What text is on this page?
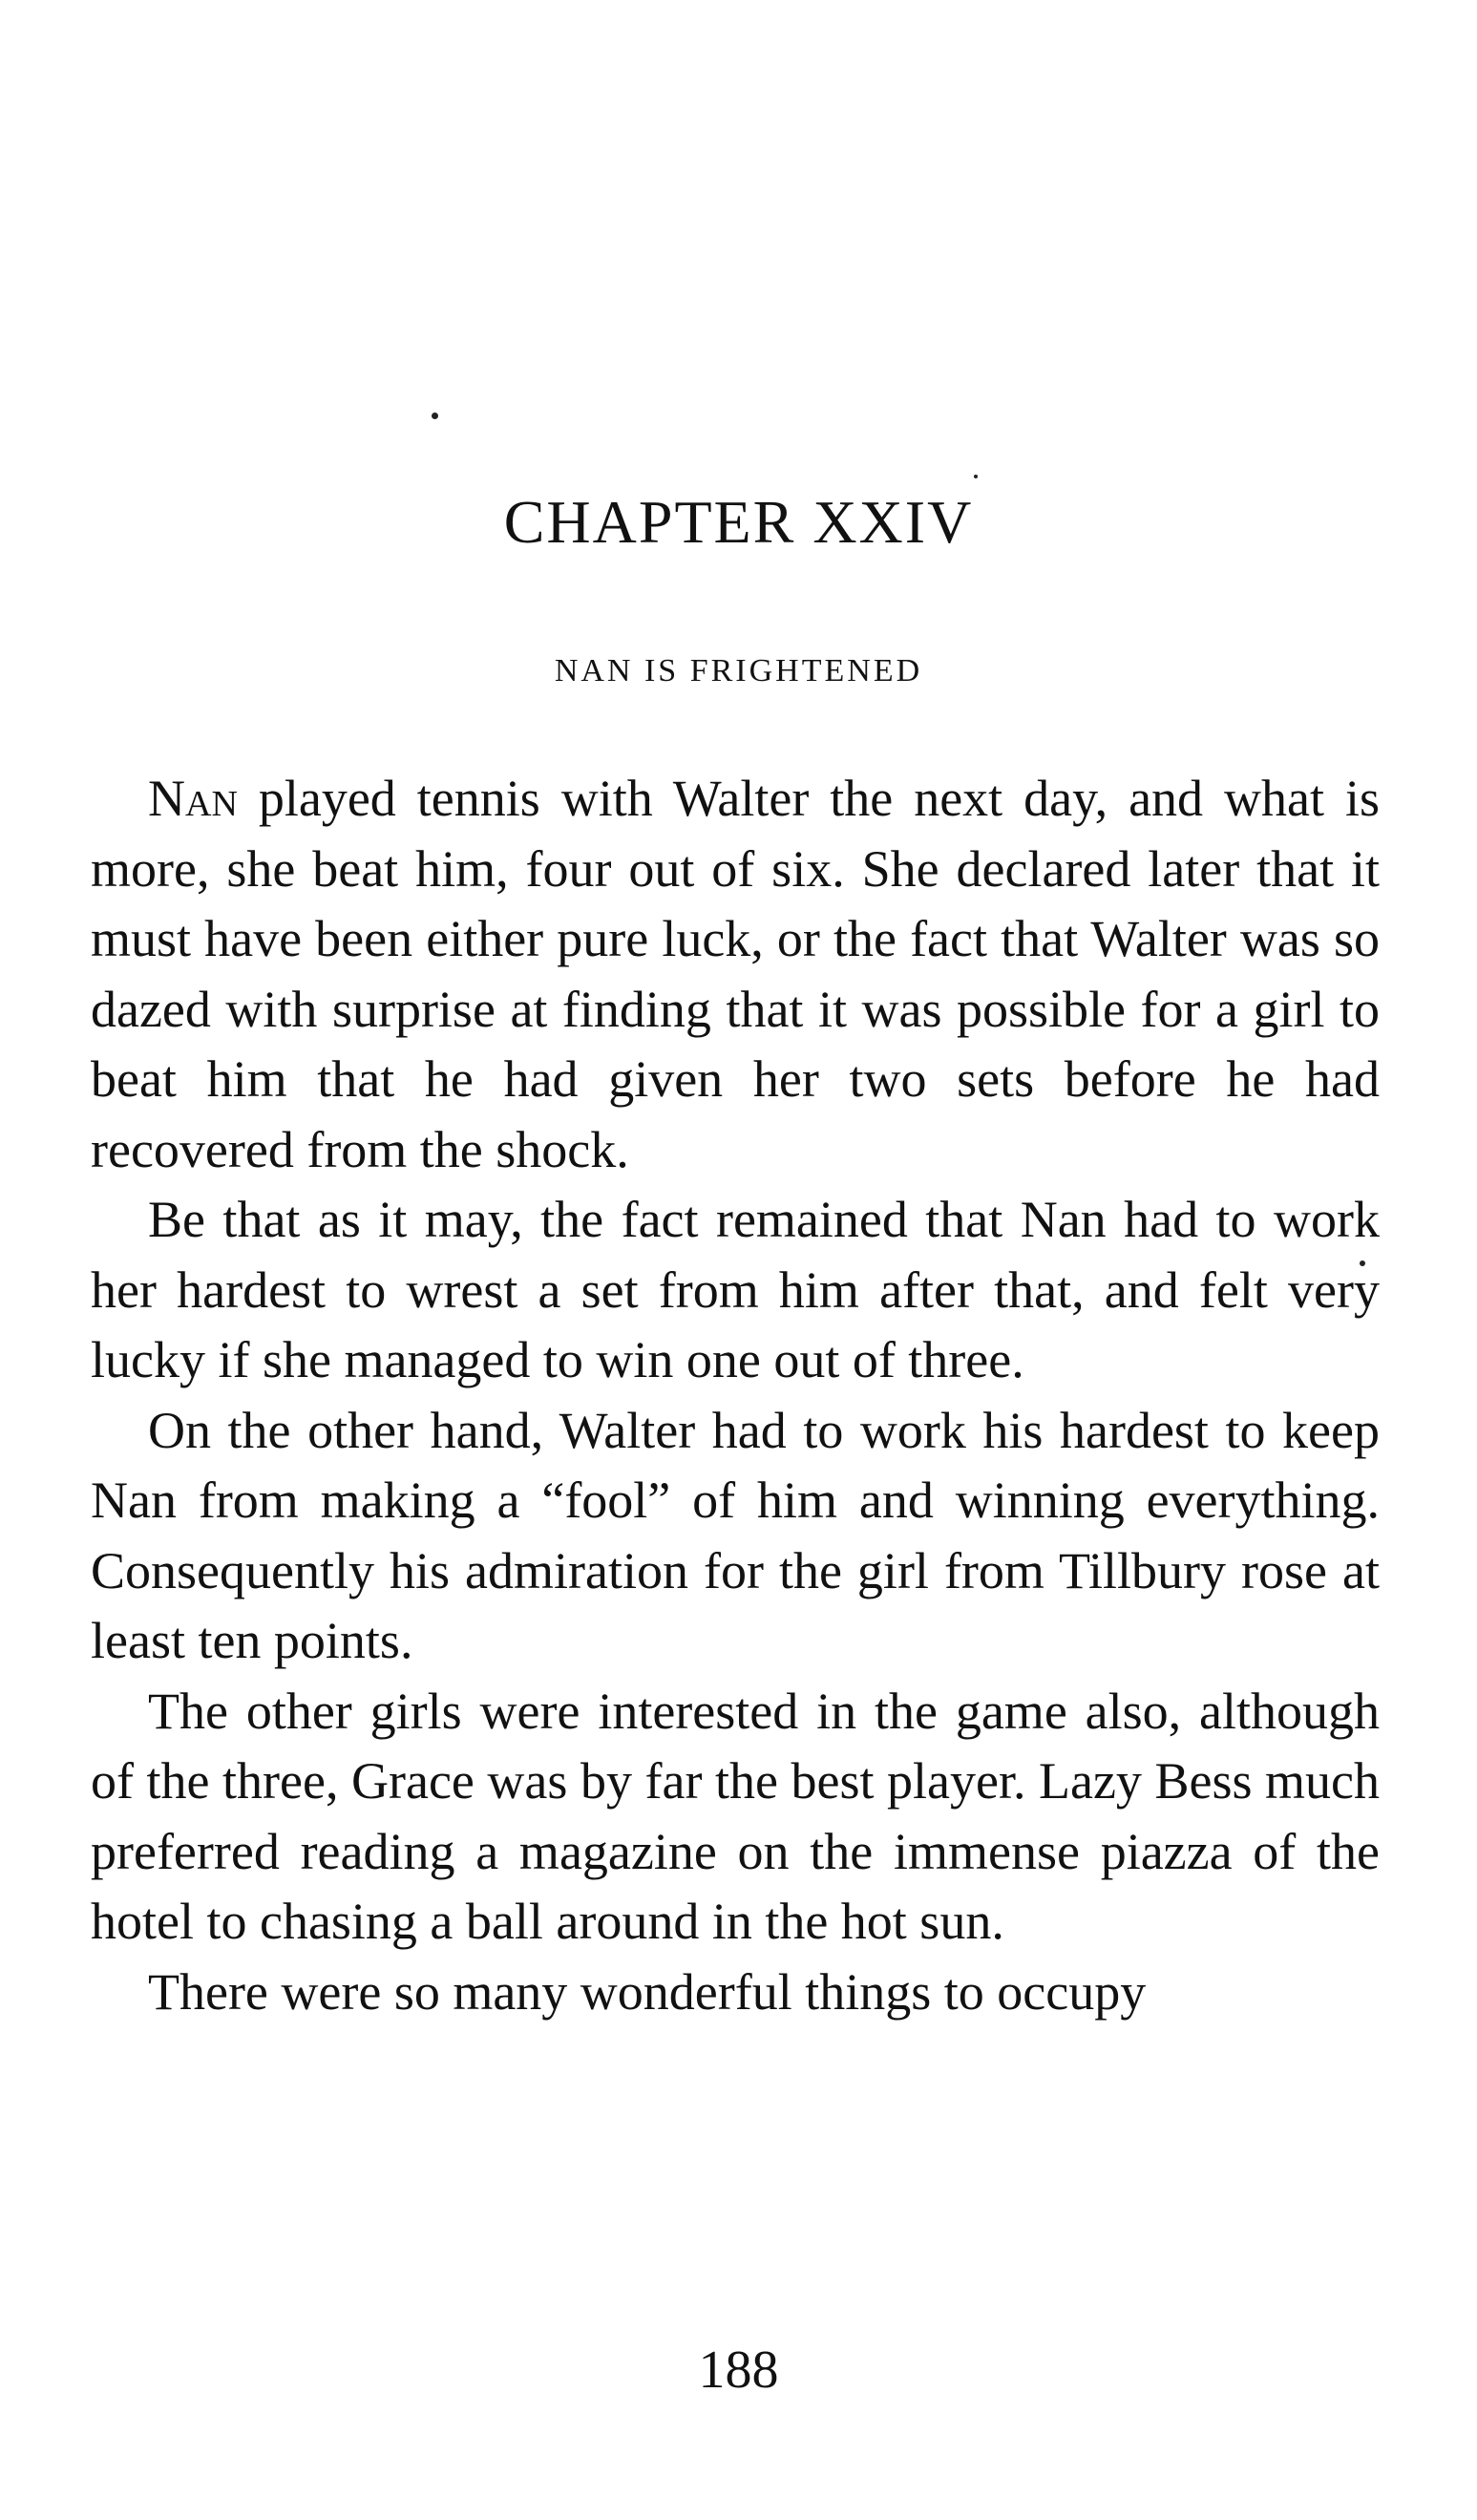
CHAPTER XXIV
NAN IS FRIGHTENED

Nan played tennis with Walter the next day, and what is more, she beat him, four out of six. She declared later that it must have been either pure luck, or the fact that Walter was so dazed with surprise at finding that it was possible for a girl to beat him that he had given her two sets before he had recovered from the shock.

Be that as it may, the fact remained that Nan had to work her hardest to wrest a set from him after that, and felt very lucky if she managed to win one out of three.

On the other hand, Walter had to work his hardest to keep Nan from making a “fool” of him and winning everything. Consequently his admiration for the girl from Tillbury rose at least ten points.

The other girls were interested in the game also, although of the three, Grace was by far the best player. Lazy Bess much preferred reading a magazine on the immense piazza of the hotel to chasing a ball around in the hot sun.

There were so many wonderful things to occupy

188
